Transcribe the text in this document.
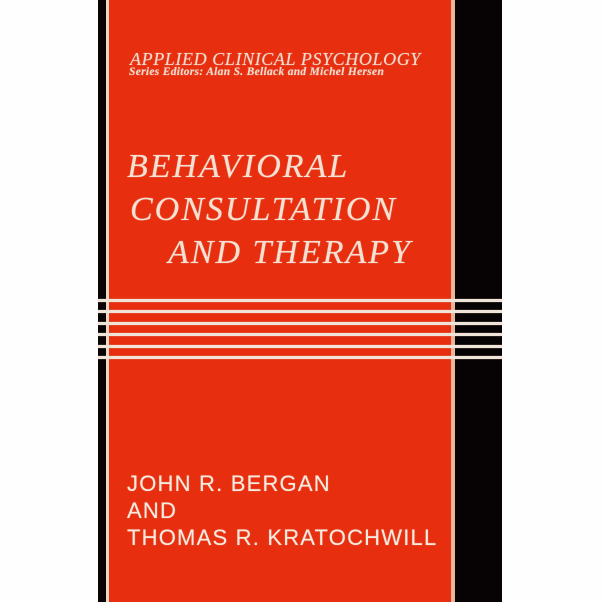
APPLIED CLINICAL PSYCHOLOGY
Series Editors: Alan S. Bellack and Michel Hersen
BEHAVIORAL
CONSULTATION
AND THERAPY
JOHN R. BERGAN
AND
THOMAS R. KRATOCHWILL
